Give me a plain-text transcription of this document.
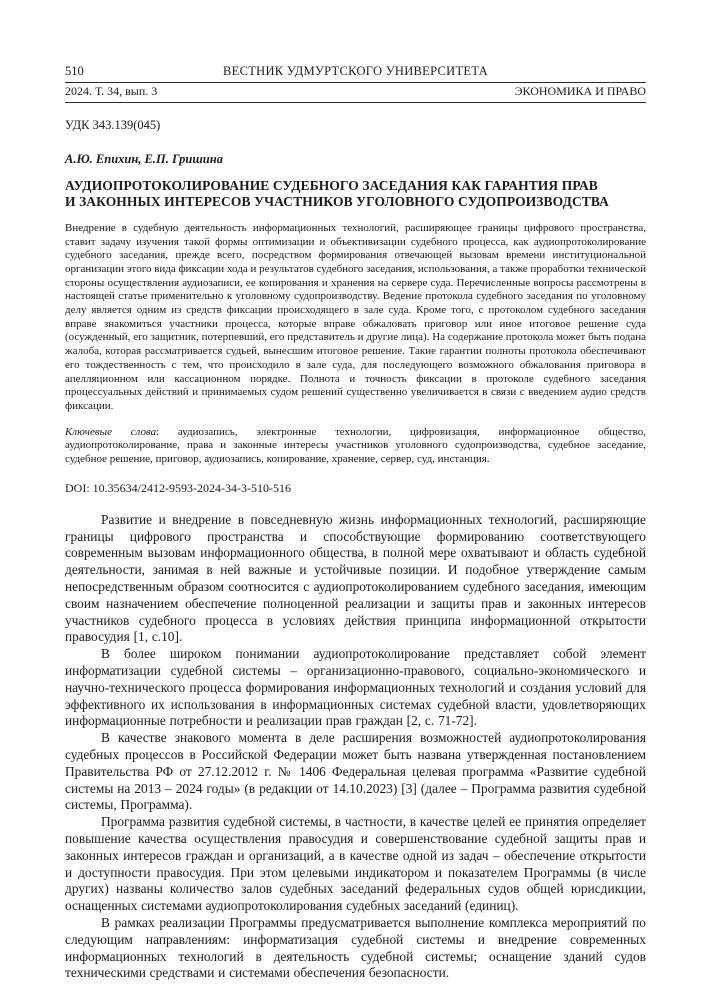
510	ВЕСТНИК УДМУРТСКОГО УНИВЕРСИТЕТА
2024. Т. 34, вып. 3	ЭКОНОМИКА И ПРАВО
УДК 343.139(045)
А.Ю. Епихин, Е.П. Гришина
АУДИОПРОТОКОЛИРОВАНИЕ СУДЕБНОГО ЗАСЕДАНИЯ КАК ГАРАНТИЯ ПРАВ
И ЗАКОННЫХ ИНТЕРЕСОВ УЧАСТНИКОВ УГОЛОВНОГО СУДОПРОИЗВОДСТВА

Внедрение в судебную деятельность информационных технологий, расширяющее границы цифрового пространства, ставит задачу изучения такой формы оптимизации и объективизации судебного процесса, как аудиопротоколирование судебного заседания, прежде всего, посредством формирования отвечающей вызовам времени институциональной организации этого вида фиксации хода и результатов судебного заседания, использования, а также проработки технической стороны осуществления аудиозаписи, ее копирования и хранения на сервере суда. Перечисленные вопросы рассмотрены в настоящей статье применительно к уголовному судопроизводству. Ведение протокола судебного заседания по уголовному делу является одним из средств фиксации происходящего в зале суда. Кроме того, с протоколом судебного заседания вправе знакомиться участники процесса, которые вправе обжаловать приговор или иное итоговое решение суда (осужденный, его защитник, потерпевший, его представитель и другие лица). На содержание протокола может быть подана жалоба, которая рассматривается судьей, вынесшим итоговое решение. Такие гарантии полноты протокола обеспечивают его тождественность с тем, что происходило в зале суда, для последующего возможного обжалования приговора в апелляционном или кассационном порядке. Полнота и точность фиксации в протоколе судебного заседания процессуальных действий и принимаемых судом решений существенно увеличивается в связи с введением аудио средств фиксации.

Ключевые слова: аудиозапись, электронные технологии, цифровизация, информационное общество, аудиопротоколирование, права и законные интересы участников уголовного судопроизводства, судебное заседание, судебное решение, приговор, аудиозапись, копирование, хранение, сервер, суд, инстанция.

DOI: 10.35634/2412-9593-2024-34-3-510-516

Развитие и внедрение в повседневную жизнь информационных технологий, расширяющие границы цифрового пространства и способствующие формированию соответствующего современным вызовам информационного общества, в полной мере охватывают и область судебной деятельности, занимая в ней важные и устойчивые позиции. И подобное утверждение самым непосредственным образом соотносится с аудиопротоколированием судебного заседания, имеющим своим назначением обеспечение полноценной реализации и защиты прав и законных интересов участников судебного процесса в условиях действия принципа информационной открытости правосудия [1, с.10].

В более широком понимании аудиопротоколирование представляет собой элемент информатизации судебной системы – организационно-правового, социально-экономического и научно-технического процесса формирования информационных технологий и создания условий для эффективного их использования в информационных системах судебной власти, удовлетворяющих информационные потребности и реализации прав граждан [2, с. 71-72].

В качестве знакового момента в деле расширения возможностей аудиопротоколирования судебных процессов в Российской Федерации может быть названа утвержденная постановлением Правительства РФ от 27.12.2012 г. № 1406 Федеральная целевая программа «Развитие судебной системы на 2013 – 2024 годы» (в редакции от 14.10.2023) [3] (далее – Программа развития судебной системы, Программа).

Программа развития судебной системы, в частности, в качестве целей ее принятия определяет повышение качества осуществления правосудия и совершенствование судебной защиты прав и законных интересов граждан и организаций, а в качестве одной из задач – обеспечение открытости и доступности правосудия. При этом целевыми индикатором и показателем Программы (в числе других) названы количество залов судебных заседаний федеральных судов общей юрисдикции, оснащенных системами аудиопротоколирования судебных заседаний (единиц).

В рамках реализации Программы предусматривается выполнение комплекса мероприятий по следующим направлениям: информатизация судебной системы и внедрение современных информационных технологий в деятельность судебной системы; оснащение зданий судов техническими средствами и системами обеспечения безопасности.
